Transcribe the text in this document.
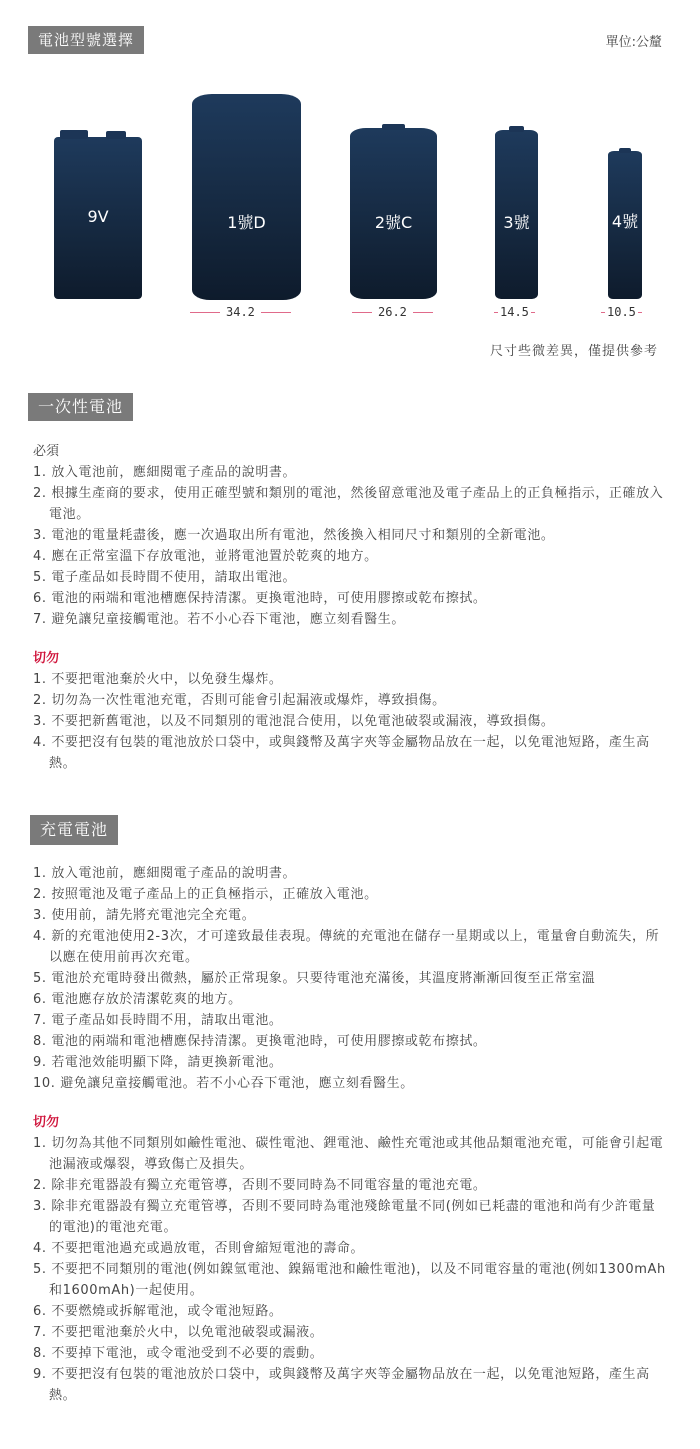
電池型號選擇	單位:公釐
9V	1號D	2號C	3號	4號
34.2	26.2	14.5	10.5
尺寸些微差異，僅提供參考
一次性電池
必須
1. 放入電池前，應細閱電子產品的說明書。
2. 根據生產商的要求，使用正確型號和類別的電池，然後留意電池及電子產品上的正負極指示，正確放入電池。
3. 電池的電量耗盡後，應一次過取出所有電池，然後換入相同尺寸和類別的全新電池。
4. 應在正常室溫下存放電池，並將電池置於乾爽的地方。
5. 電子產品如長時間不使用，請取出電池。
6. 電池的兩端和電池槽應保持清潔。更換電池時，可使用膠擦或乾布擦拭。
7. 避免讓兒童接觸電池。若不小心吞下電池，應立刻看醫生。
切勿
1. 不要把電池棄於火中，以免發生爆炸。
2. 切勿為一次性電池充電，否則可能會引起漏液或爆炸，導致損傷。
3. 不要把新舊電池，以及不同類別的電池混合使用，以免電池破裂或漏液，導致損傷。
4. 不要把沒有包裝的電池放於口袋中，或與錢幣及萬字夾等金屬物品放在一起，以免電池短路，產生高熱。
充電電池
1. 放入電池前，應細閱電子產品的說明書。
2. 按照電池及電子產品上的正負極指示，正確放入電池。
3. 使用前，請先將充電池完全充電。
4. 新的充電池使用2-3次，才可達致最佳表現。傳統的充電池在儲存一星期或以上，電量會自動流失，所以應在使用前再次充電。
5. 電池於充電時發出微熱，屬於正常現象。只要待電池充滿後，其溫度將漸漸回復至正常室溫
6. 電池應存放於清潔乾爽的地方。
7. 電子產品如長時間不用，請取出電池。
8. 電池的兩端和電池槽應保持清潔。更換電池時，可使用膠擦或乾布擦拭。
9. 若電池效能明顯下降，請更換新電池。
10. 避免讓兒童接觸電池。若不小心吞下電池，應立刻看醫生。
切勿
1. 切勿為其他不同類別如鹼性電池、碳性電池、鋰電池、鹼性充電池或其他品類電池充電，可能會引起電池漏液或爆裂，導致傷亡及損失。
2. 除非充電器設有獨立充電管導，否則不要同時為不同電容量的電池充電。
3. 除非充電器設有獨立充電管導，否則不要同時為電池殘餘電量不同(例如已耗盡的電池和尚有少許電量的電池)的電池充電。
4. 不要把電池過充或過放電，否則會縮短電池的壽命。
5. 不要把不同類別的電池(例如鎳氫電池、鎳鎘電池和鹼性電池)，以及不同電容量的電池(例如1300mAh和1600mAh)一起使用。
6. 不要燃燒或拆解電池，或令電池短路。
7. 不要把電池棄於火中，以免電池破裂或漏液。
8. 不要掉下電池，或令電池受到不必要的震動。
9. 不要把沒有包裝的電池放於口袋中，或與錢幣及萬字夾等金屬物品放在一起，以免電池短路，產生高熱。
